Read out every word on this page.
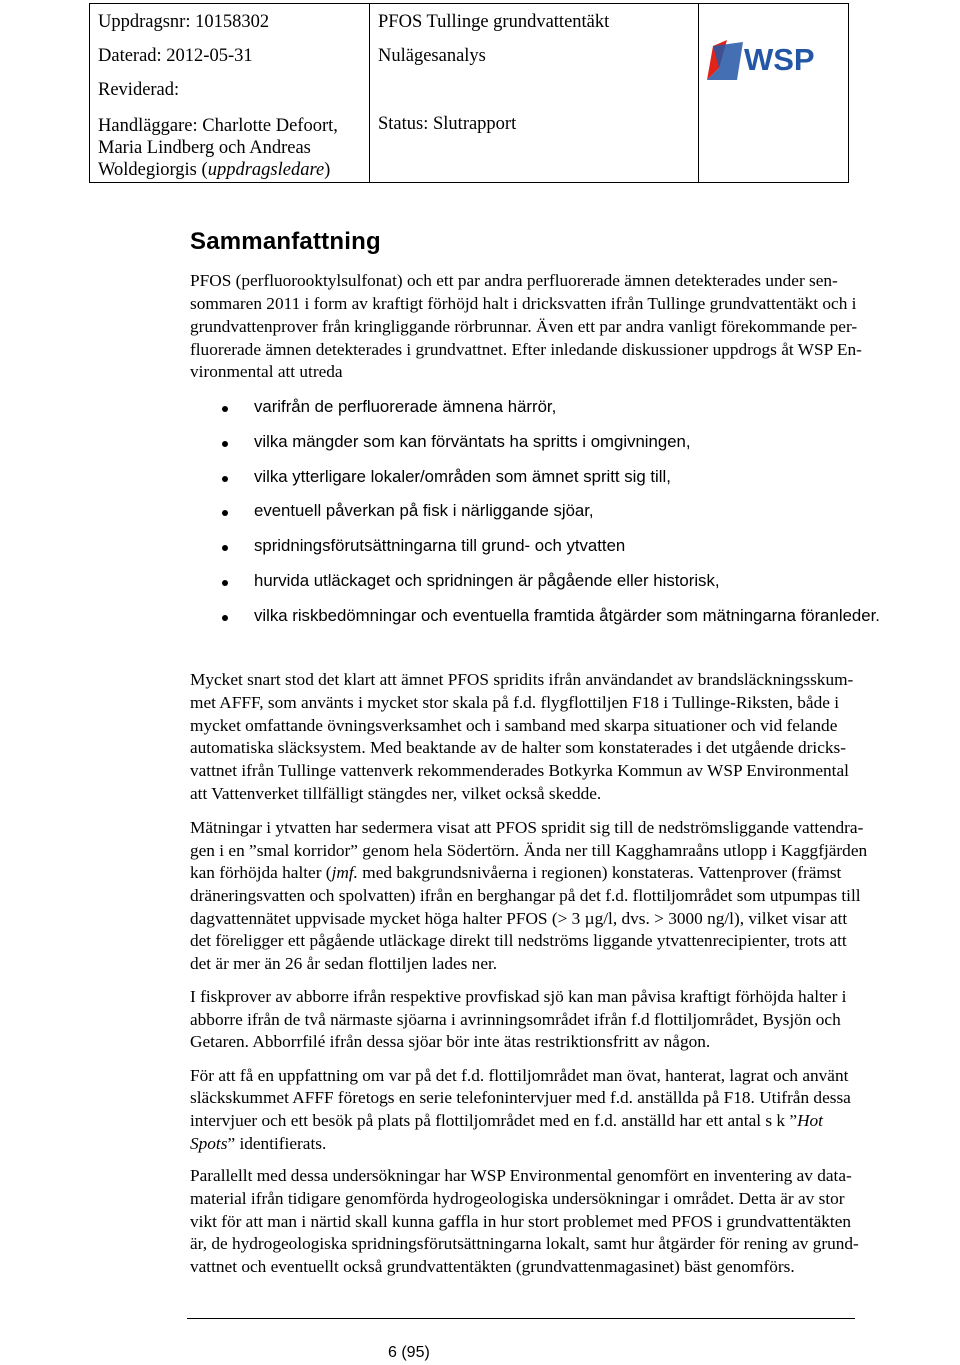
Uppdragsnr: 10158302
Daterad: 2012-05-31
Reviderad:
Handläggare: Charlotte Defoort,
Maria Lindberg och Andreas
Woldegiorgis (uppdragsledare)
PFOS Tullinge grundvattentäkt
Nulägesanalys
Status: Slutrapport
WSP
Sammanfattning
PFOS (perfluorooktylsulfonat) och ett par andra perfluorerade ämnen detekterades under sen-
sommaren 2011 i form av kraftigt förhöjd halt i dricksvatten ifrån Tullinge grundvattentäkt och i
grundvattenprover från kringliggande rörbrunnar. Även ett par andra vanligt förekommande per-
fluorerade ämnen detekterades i grundvattnet. Efter inledande diskussioner uppdrogs åt WSP En-
vironmental att utreda
varifrån de perfluorerade ämnena härrör,
vilka mängder som kan förväntats ha spritts i omgivningen,
vilka ytterligare lokaler/områden som ämnet spritt sig till,
eventuell påverkan på fisk i närliggande sjöar,
spridningsförutsättningarna till grund- och ytvatten
hurvida utläckaget och spridningen är pågående eller historisk,
vilka riskbedömningar och eventuella framtida åtgärder som mätningarna föranleder.
Mycket snart stod det klart att ämnet PFOS spridits ifrån användandet av brandsläckningsskum-
met AFFF, som använts i mycket stor skala på f.d. flygflottiljen F18 i Tullinge-Riksten, både i
mycket omfattande övningsverksamhet och i samband med skarpa situationer och vid felande
automatiska släcksystem. Med beaktande av de halter som konstaterades i det utgående dricks-
vattnet ifrån Tullinge vattenverk rekommenderades Botkyrka Kommun av WSP Environmental
att Vattenverket tillfälligt stängdes ner, vilket också skedde.
Mätningar i ytvatten har sedermera visat att PFOS spridit sig till de nedströmsliggande vattendra-
gen i en ”smal korridor” genom hela Södertörn. Ända ner till Kagghamraåns utlopp i Kaggfjärden
kan förhöjda halter (jmf. med bakgrundsnivåerna i regionen) konstateras. Vattenprover (främst
dräneringsvatten och spolvatten) ifrån en berghangar på det f.d. flottiljområdet som utpumpas till
dagvattennätet uppvisade mycket höga halter PFOS (> 3 µg/l, dvs. > 3000 ng/l), vilket visar att
det föreligger ett pågående utläckage direkt till nedströms liggande ytvattenrecipienter, trots att
det är mer än 26 år sedan flottiljen lades ner.
I fiskprover av abborre ifrån respektive provfiskad sjö kan man påvisa kraftigt förhöjda halter i
abborre ifrån de två närmaste sjöarna i avrinningsområdet ifrån f.d flottiljområdet, Bysjön och
Getaren. Abborrfilé ifrån dessa sjöar bör inte ätas restriktionsfritt av någon.
För att få en uppfattning om var på det f.d. flottiljområdet man övat, hanterat, lagrat och använt
släckskummet AFFF företogs en serie telefonintervjuer med f.d. anställda på F18. Utifrån dessa
intervjuer och ett besök på plats på flottiljområdet med en f.d. anställd har ett antal s k ”Hot
Spots” identifierats.
Parallellt med dessa undersökningar har WSP Environmental genomfört en inventering av data-
material ifrån tidigare genomförda hydrogeologiska undersökningar i området. Detta är av stor
vikt för att man i närtid skall kunna gaffla in hur stort problemet med PFOS i grundvattentäkten
är, de hydrogeologiska spridningsförutsättningarna lokalt, samt hur åtgärder för rening av grund-
vattnet och eventuellt också grundvattentäkten (grundvattenmagasinet) bäst genomförs.
6 (95)
